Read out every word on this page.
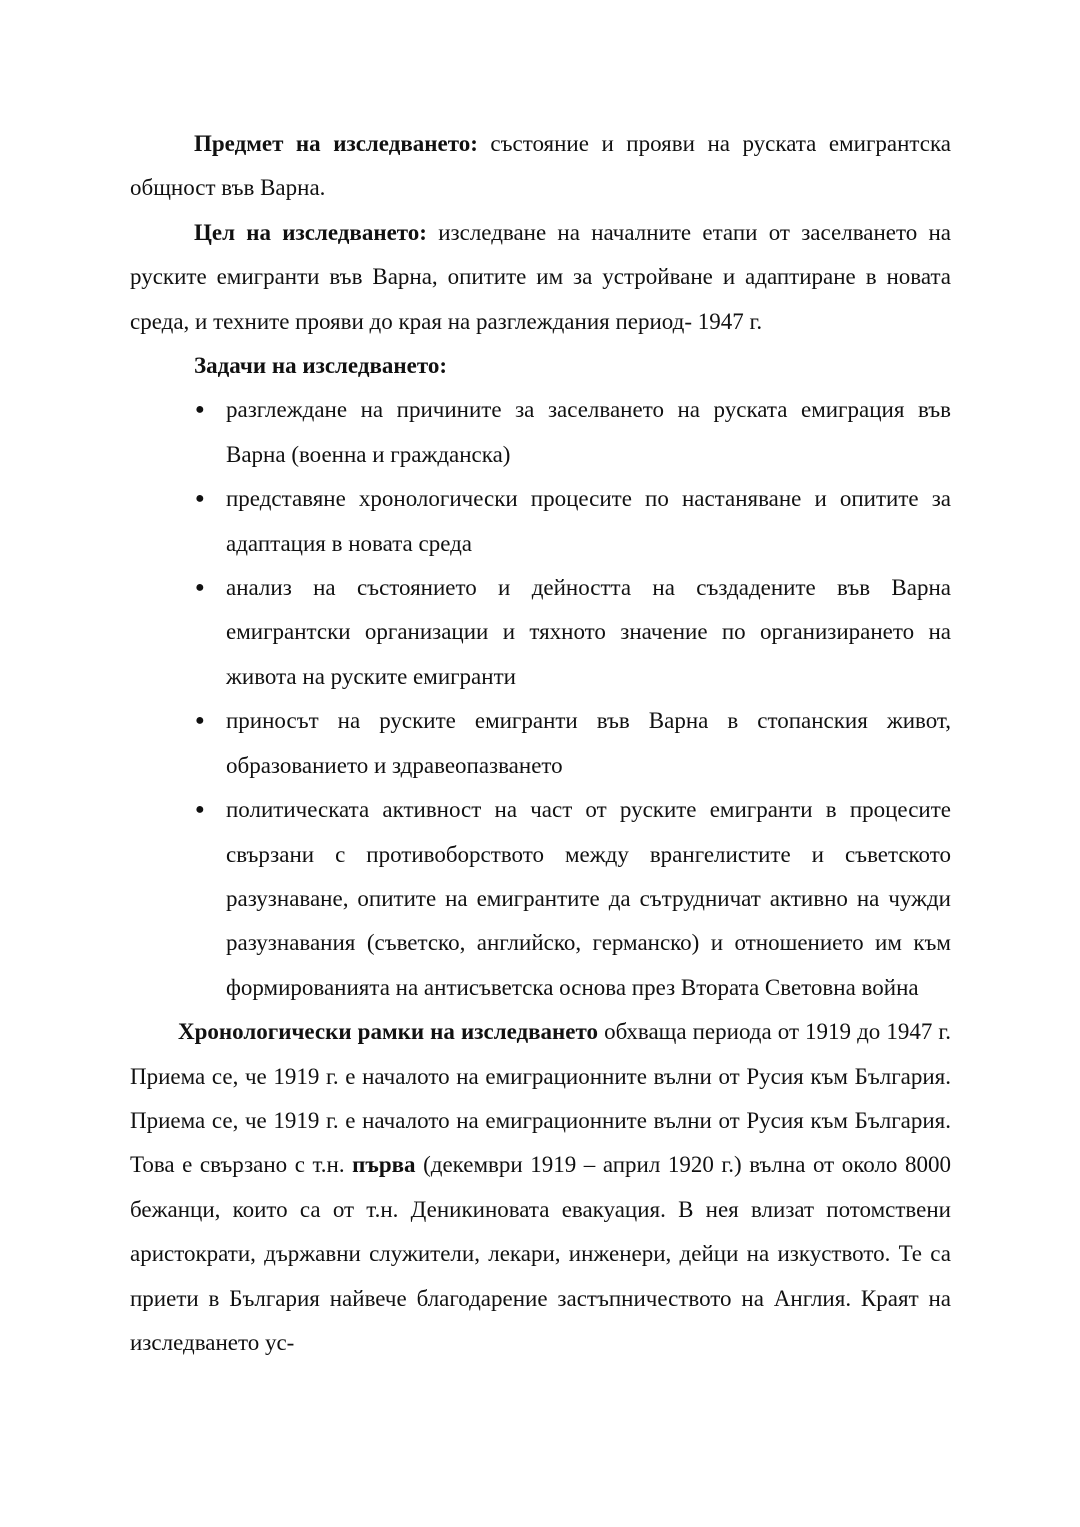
Предмет на изследването: състояние и прояви на руската емигрантска общност във Варна.

Цел на изследването: изследване на началните етапи от заселването на руските емигранти във Варна, опитите им за устройване и адаптиране в новата среда, и техните прояви до края на разглеждания период- 1947 г.

Задачи на изследването:

● разглеждане на причините за заселването на руската емиграция във Варна (военна и гражданска)
● представяне хронологически процесите по настаняване и опитите за адаптация в новата среда
● анализ на състоянието и дейността на създадените във Варна емигрантски организации и тяхното значение по организирането на живота на руските емигранти
● приносът на руските емигранти във Варна в стопанския живот, образованието и здравеопазването
● политическата активност на част от руските емигранти в процесите свързани с противоборството между врангелистите и съветското разузнаване, опитите на емигрантите да сътрудничат активно на чужди разузнавания (съветско, английско, германско) и отношението им към формированията на антисъветска основа през Втората Световна война

Хронологически рамки на изследването обхваща периода от 1919 до 1947 г. Приема се, че 1919 г. е началото на емиграционните вълни от Русия към България. Приема се, че 1919 г. е началото на емиграционните вълни от Русия към България. Това е свързано с т.н. първа (декември 1919 – април 1920 г.) вълна от около 8000 бежанци, които са от т.н. Деникиновата евакуация. В нея влизат потомствени аристократи, държавни служители, лекари, инженери, дейци на изкуството. Те са приети в България найвече благодарение застъпничеството на Англия. Краят на изследването ус-
